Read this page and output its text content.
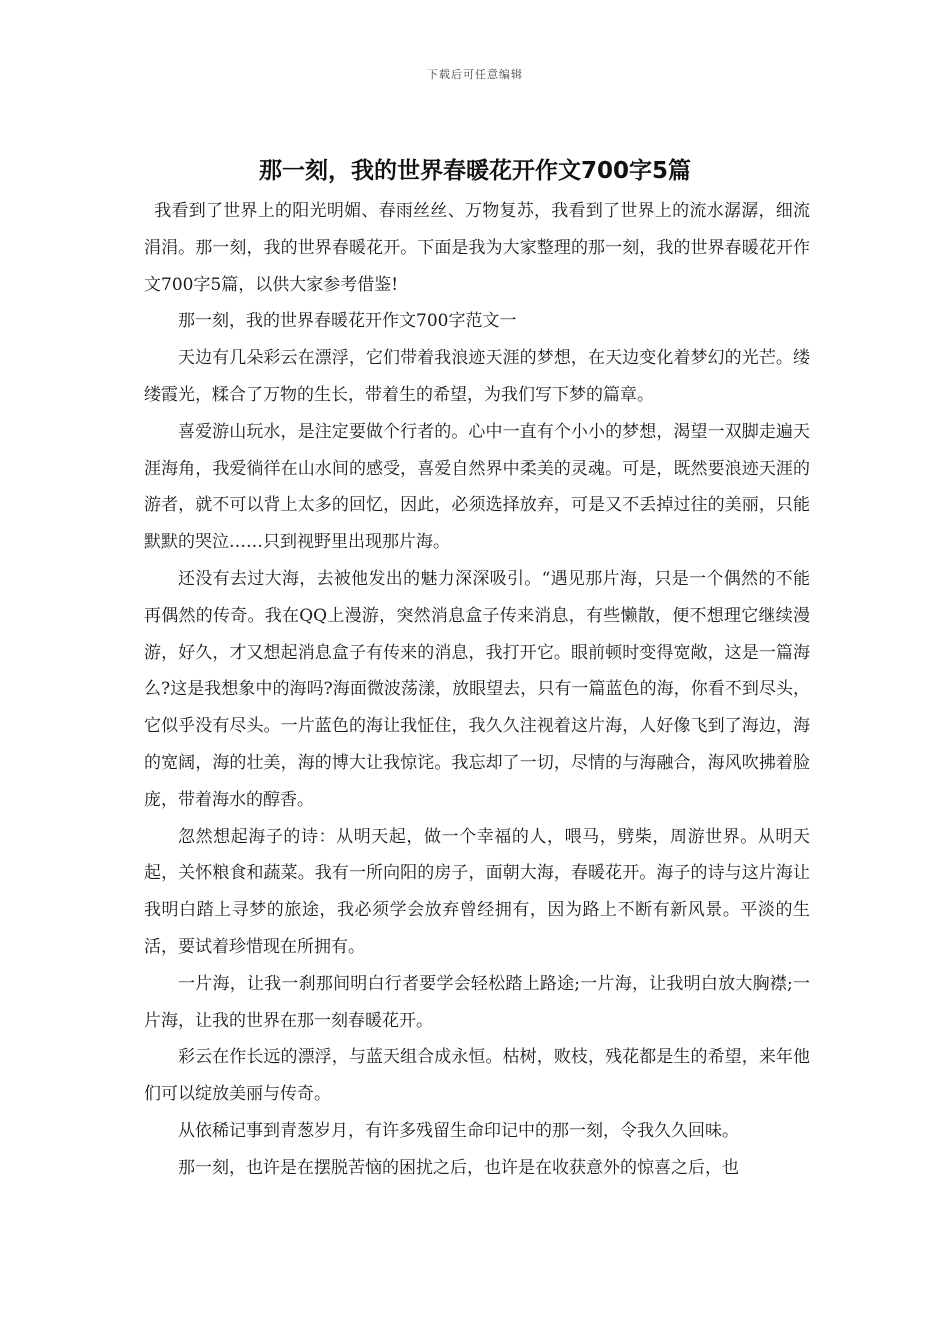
下载后可任意编辑
那一刻，我的世界春暖花开作文700字5篇

我看到了世界上的阳光明媚、春雨丝丝、万物复苏，我看到了世界上的流水潺潺，细流涓涓。那一刻，我的世界春暖花开。下面是我为大家整理的那一刻，我的世界春暖花开作文700字5篇，以供大家参考借鉴!

那一刻，我的世界春暖花开作文700字范文一

天边有几朵彩云在漂浮，它们带着我浪迹天涯的梦想，在天边变化着梦幻的光芒。缕缕霞光，糅合了万物的生长，带着生的希望，为我们写下梦的篇章。

喜爱游山玩水，是注定要做个行者的。心中一直有个小小的梦想，渴望一双脚走遍天涯海角，我爱徜徉在山水间的感受，喜爱自然界中柔美的灵魂。可是，既然要浪迹天涯的游者，就不可以背上太多的回忆，因此，必须选择放弃，可是又不丢掉过往的美丽，只能默默的哭泣……只到视野里出现那片海。

还没有去过大海，去被他发出的魅力深深吸引。“遇见那片海，只是一个偶然的不能再偶然的传奇。我在QQ上漫游，突然消息盒子传来消息，有些懒散，便不想理它继续漫游，好久，才又想起消息盒子有传来的消息，我打开它。眼前顿时变得宽敞，这是一篇海么?这是我想象中的海吗?海面微波荡漾，放眼望去，只有一篇蓝色的海，你看不到尽头，它似乎没有尽头。一片蓝色的海让我怔住，我久久注视着这片海，人好像飞到了海边，海的宽阔，海的壮美，海的博大让我惊诧。我忘却了一切，尽情的与海融合，海风吹拂着脸庞，带着海水的醇香。

忽然想起海子的诗：从明天起，做一个幸福的人，喂马，劈柴，周游世界。从明天起，关怀粮食和蔬菜。我有一所向阳的房子，面朝大海，春暖花开。海子的诗与这片海让我明白踏上寻梦的旅途，我必须学会放弃曾经拥有，因为路上不断有新风景。平淡的生活，要试着珍惜现在所拥有。

一片海，让我一刹那间明白行者要学会轻松踏上路途;一片海，让我明白放大胸襟;一片海，让我的世界在那一刻春暖花开。

彩云在作长远的漂浮，与蓝天组合成永恒。枯树，败枝，残花都是生的希望，来年他们可以绽放美丽与传奇。

从依稀记事到青葱岁月，有许多残留生命印记中的那一刻，令我久久回味。

那一刻，也许是在摆脱苦恼的困扰之后，也许是在收获意外的惊喜之后，也
